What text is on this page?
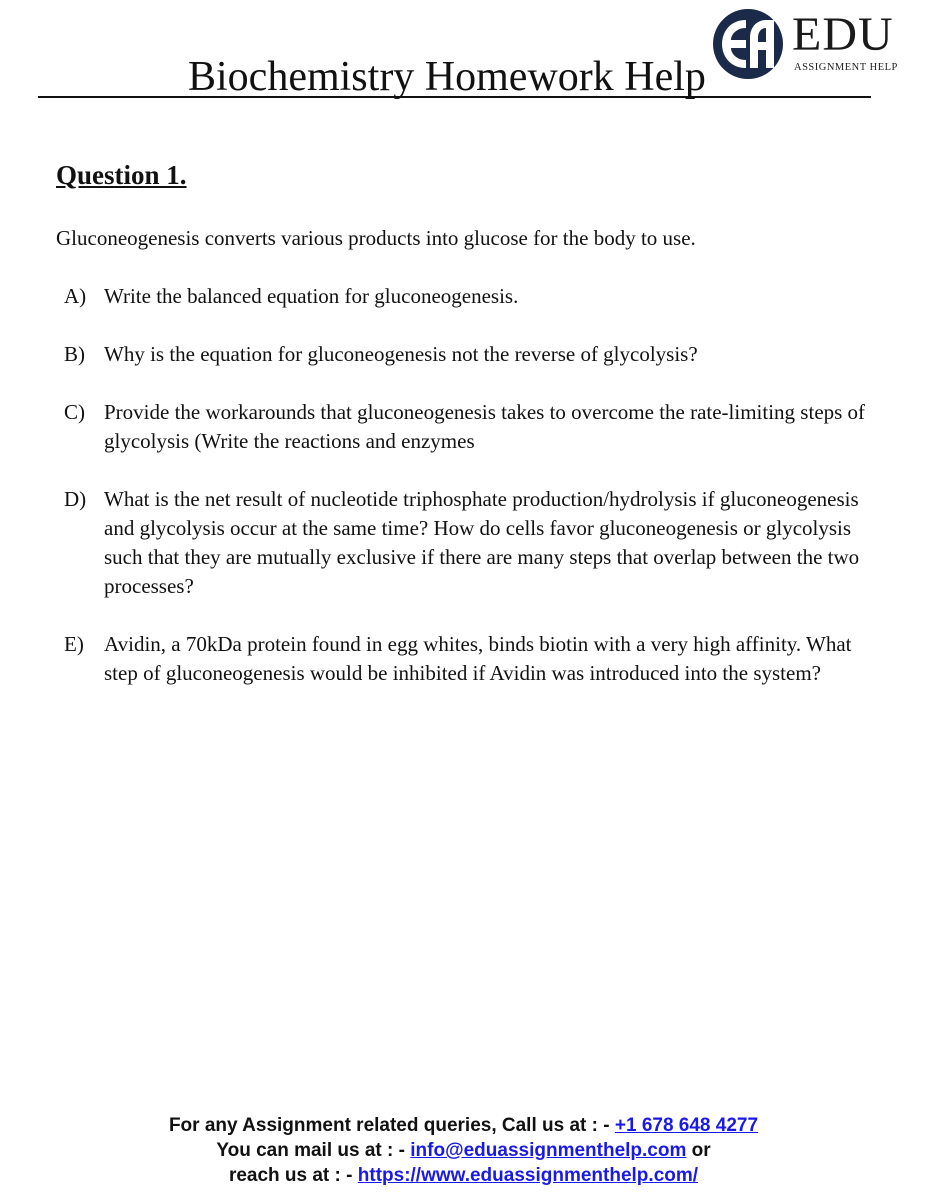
EDU
ASSIGNMENT HELP
Biochemistry Homework Help
Question 1.

Gluconeogenesis converts various products into glucose for the body to use.

A) Write the balanced equation for gluconeogenesis.
B) Why is the equation for gluconeogenesis not the reverse of glycolysis?
C) Provide the workarounds that gluconeogenesis takes to overcome the rate-limiting steps of glycolysis (Write the reactions and enzymes
D) What is the net result of nucleotide triphosphate production/hydrolysis if gluconeogenesis and glycolysis occur at the same time? How do cells favor gluconeogenesis or glycolysis such that they are mutually exclusive if there are many steps that overlap between the two processes?
E) Avidin, a 70kDa protein found in egg whites, binds biotin with a very high affinity. What step of gluconeogenesis would be inhibited if Avidin was introduced into the system?

For any Assignment related queries, Call us at : - +1 678 648 4277

You can mail us at : - info@eduassignmenthelp.com or

reach us at : - https://www.eduassignmenthelp.com/
